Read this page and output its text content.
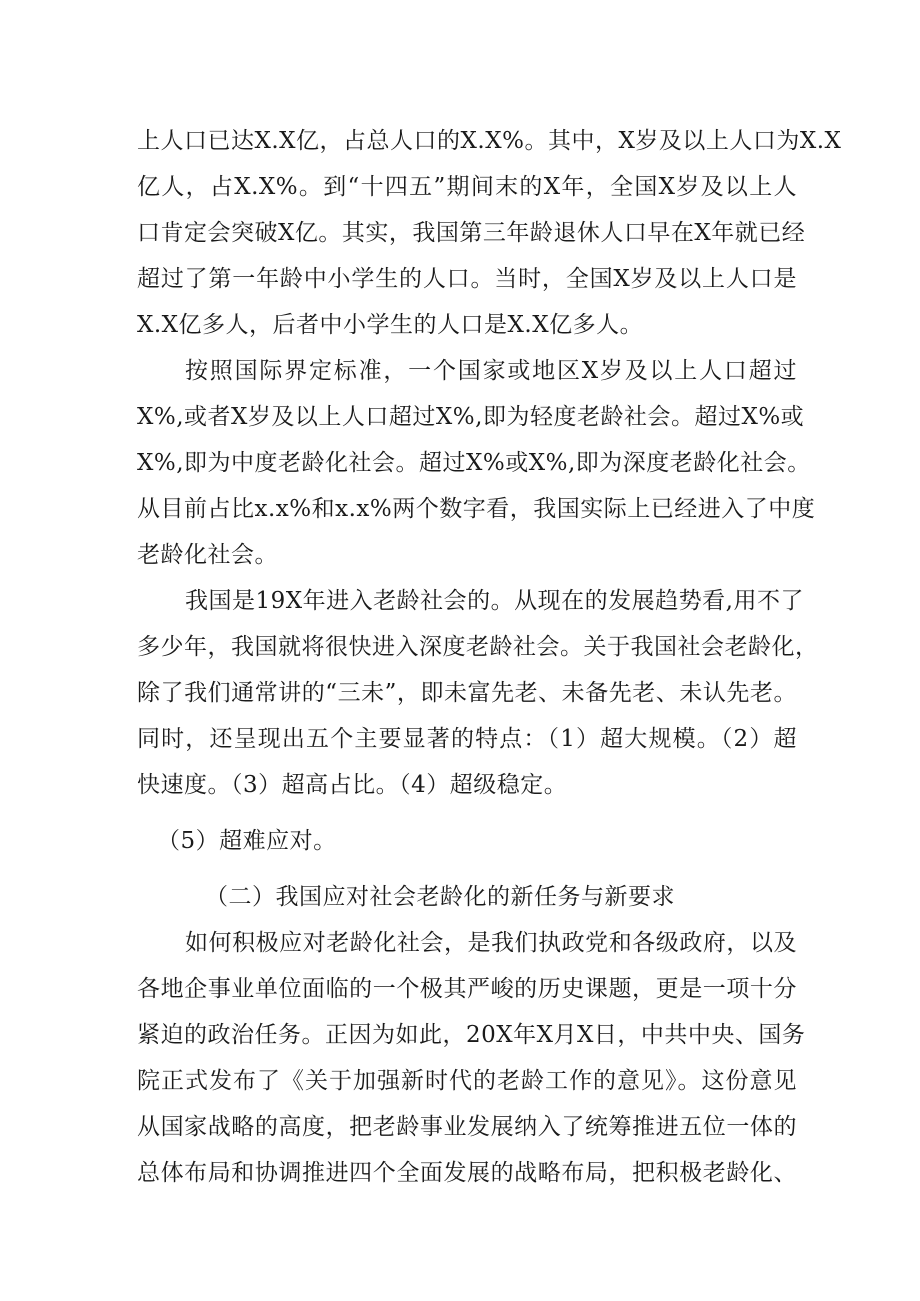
上人口已达X.X亿，占总人口的X.X%。其中，X岁及以上人口为X.X
亿人，占X.X%。到“十四五”期间末的X年，全国X岁及以上人
口肯定会突破X亿。其实，我国第三年龄退休人口早在X年就已经
超过了第一年龄中小学生的人口。当时，全国X岁及以上人口是
X.X亿多人，后者中小学生的人口是X.X亿多人。
按照国际界定标准，一个国家或地区X岁及以上人口超过
X%,或者X岁及以上人口超过X%,即为轻度老龄社会。超过X%或
X%,即为中度老龄化社会。超过X%或X%,即为深度老龄化社会。
从目前占比x.x%和x.x%两个数字看，我国实际上已经进入了中度
老龄化社会。
我国是19X年进入老龄社会的。从现在的发展趋势看,用不了
多少年，我国就将很快进入深度老龄社会。关于我国社会老龄化，
除了我们通常讲的“三未”，即未富先老、未备先老、未认先老。
同时，还呈现出五个主要显著的特点：（1）超大规模。（2）超
快速度。（3）超高占比。（4）超级稳定。
（5）超难应对。
（二）我国应对社会老龄化的新任务与新要求
如何积极应对老龄化社会，是我们执政党和各级政府，以及
各地企事业单位面临的一个极其严峻的历史课题，更是一项十分
紧迫的政治任务。正因为如此，20X年X月X日，中共中央、国务
院正式发布了《关于加强新时代的老龄工作的意见》。这份意见
从国家战略的高度，把老龄事业发展纳入了统筹推进五位一体的
总体布局和协调推进四个全面发展的战略布局，把积极老龄化、
